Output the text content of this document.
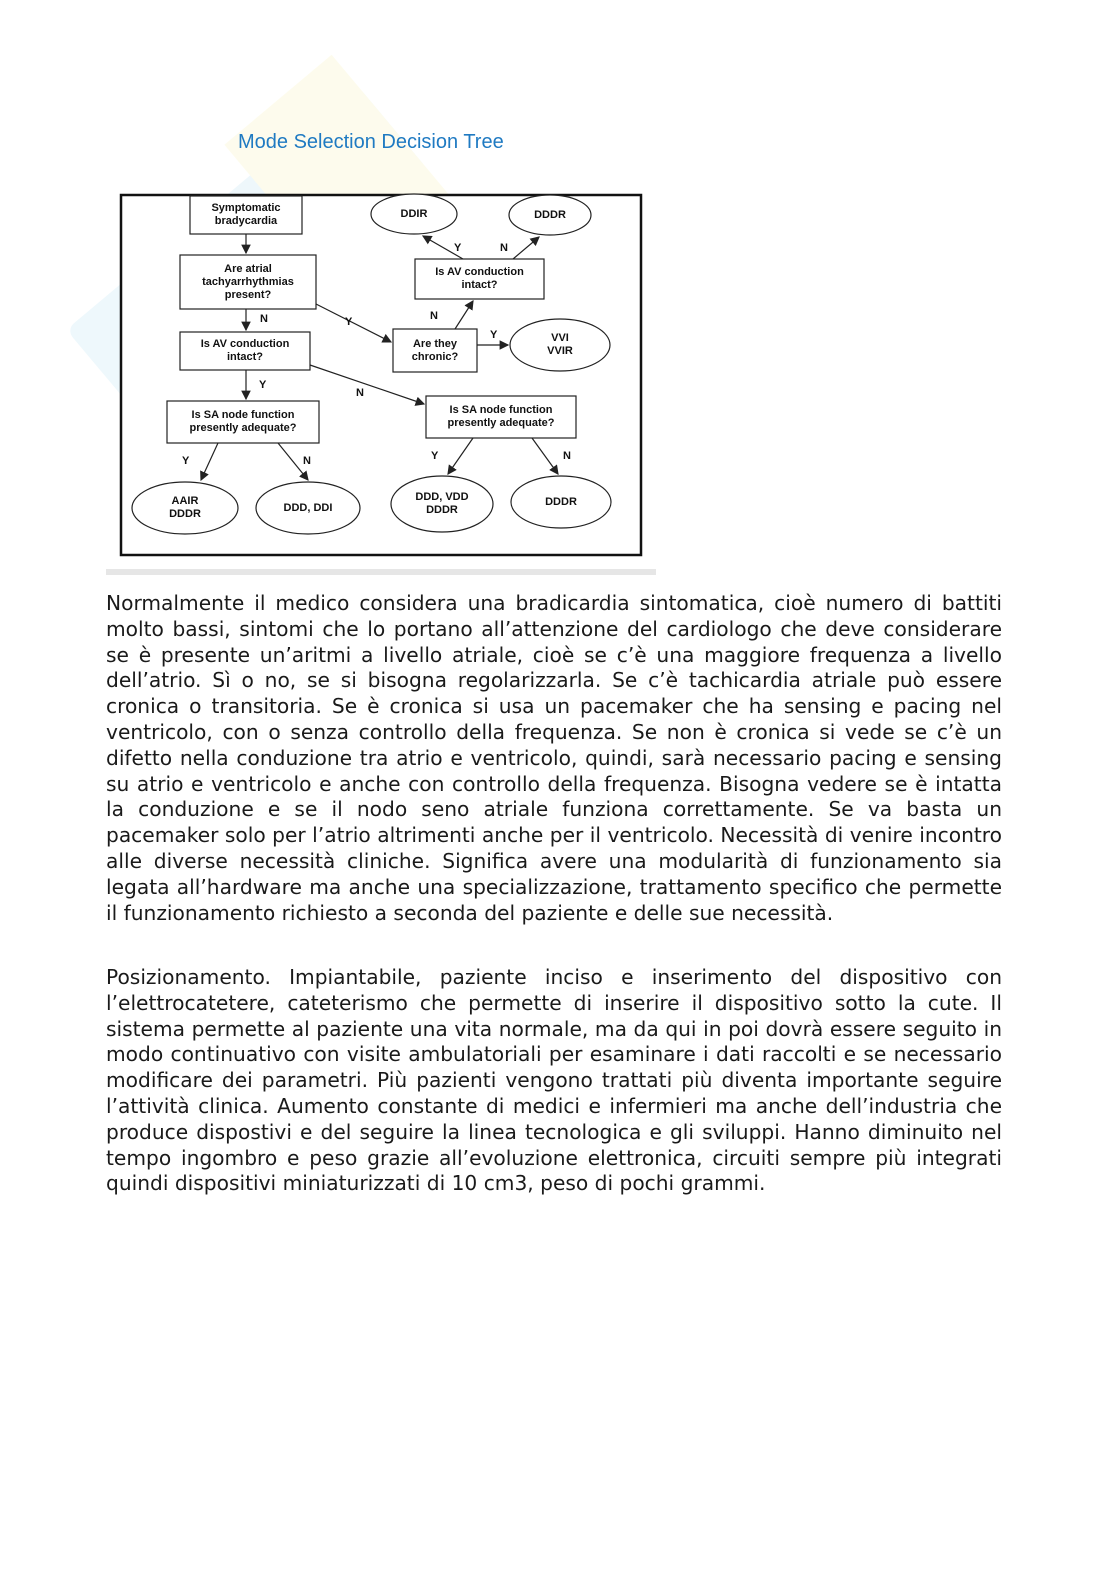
Mode Selection Decision Tree
Symptomatic
bradycardia
Are atrial
tachyarrhythmias
present?
Is AV conduction
intact?
Is SA node function
presently adequate?
Are they
chronic?
Is AV conduction
intact?
Is SA node function
presently adequate?
DDIR	DDDR
VVI
VVIR
AAIR
DDDR
DDD, DDI
DDD, VDD
DDDR
DDDR
N	Y
Y
N
N
Y
Y	N
Y	N	Y	N

Normalmente il medico considera una bradicardia sintomatica, cioè numero di battiti molto bassi, sintomi che lo portano all’attenzione del cardiologo che deve considerare se è presente un’aritmi a livello atriale, cioè se c’è una maggiore frequenza a livello dell’atrio. Sì o no, se si bisogna regolarizzarla. Se c’è tachicardia atriale può essere cronica o transitoria. Se è cronica si usa un pacemaker che ha sensing e pacing nel ventricolo, con o senza controllo della frequenza. Se non è cronica si vede se c’è un difetto nella conduzione tra atrio e ventricolo, quindi, sarà necessario pacing e sensing su atrio e ventricolo e anche con controllo della frequenza. Bisogna vedere se è intatta la conduzione e se il nodo seno atriale funziona correttamente. Se va basta un pacemaker solo per l’atrio altrimenti anche per il ventricolo. Necessità di venire incontro alle diverse necessità cliniche. Significa avere una modularità di funzionamento sia legata all’hardware ma anche una specializzazione, trattamento specifico che permette il funzionamento richiesto a seconda del paziente e delle sue necessità.

Posizionamento. Impiantabile, paziente inciso e inserimento del dispositivo con l’elettrocatetere, cateterismo che permette di inserire il dispositivo sotto la cute. Il sistema permette al paziente una vita normale, ma da qui in poi dovrà essere seguito in modo continuativo con visite ambulatoriali per esaminare i dati raccolti e se necessario modificare dei parametri. Più pazienti vengono trattati più diventa importante seguire l’attività clinica. Aumento constante di medici e infermieri ma anche dell’industria che produce dispostivi e del seguire la linea tecnologica e gli sviluppi. Hanno diminuito nel tempo ingombro e peso grazie all’evoluzione elettronica, circuiti sempre più integrati quindi dispositivi miniaturizzati di 10 cm3, peso di pochi grammi.
